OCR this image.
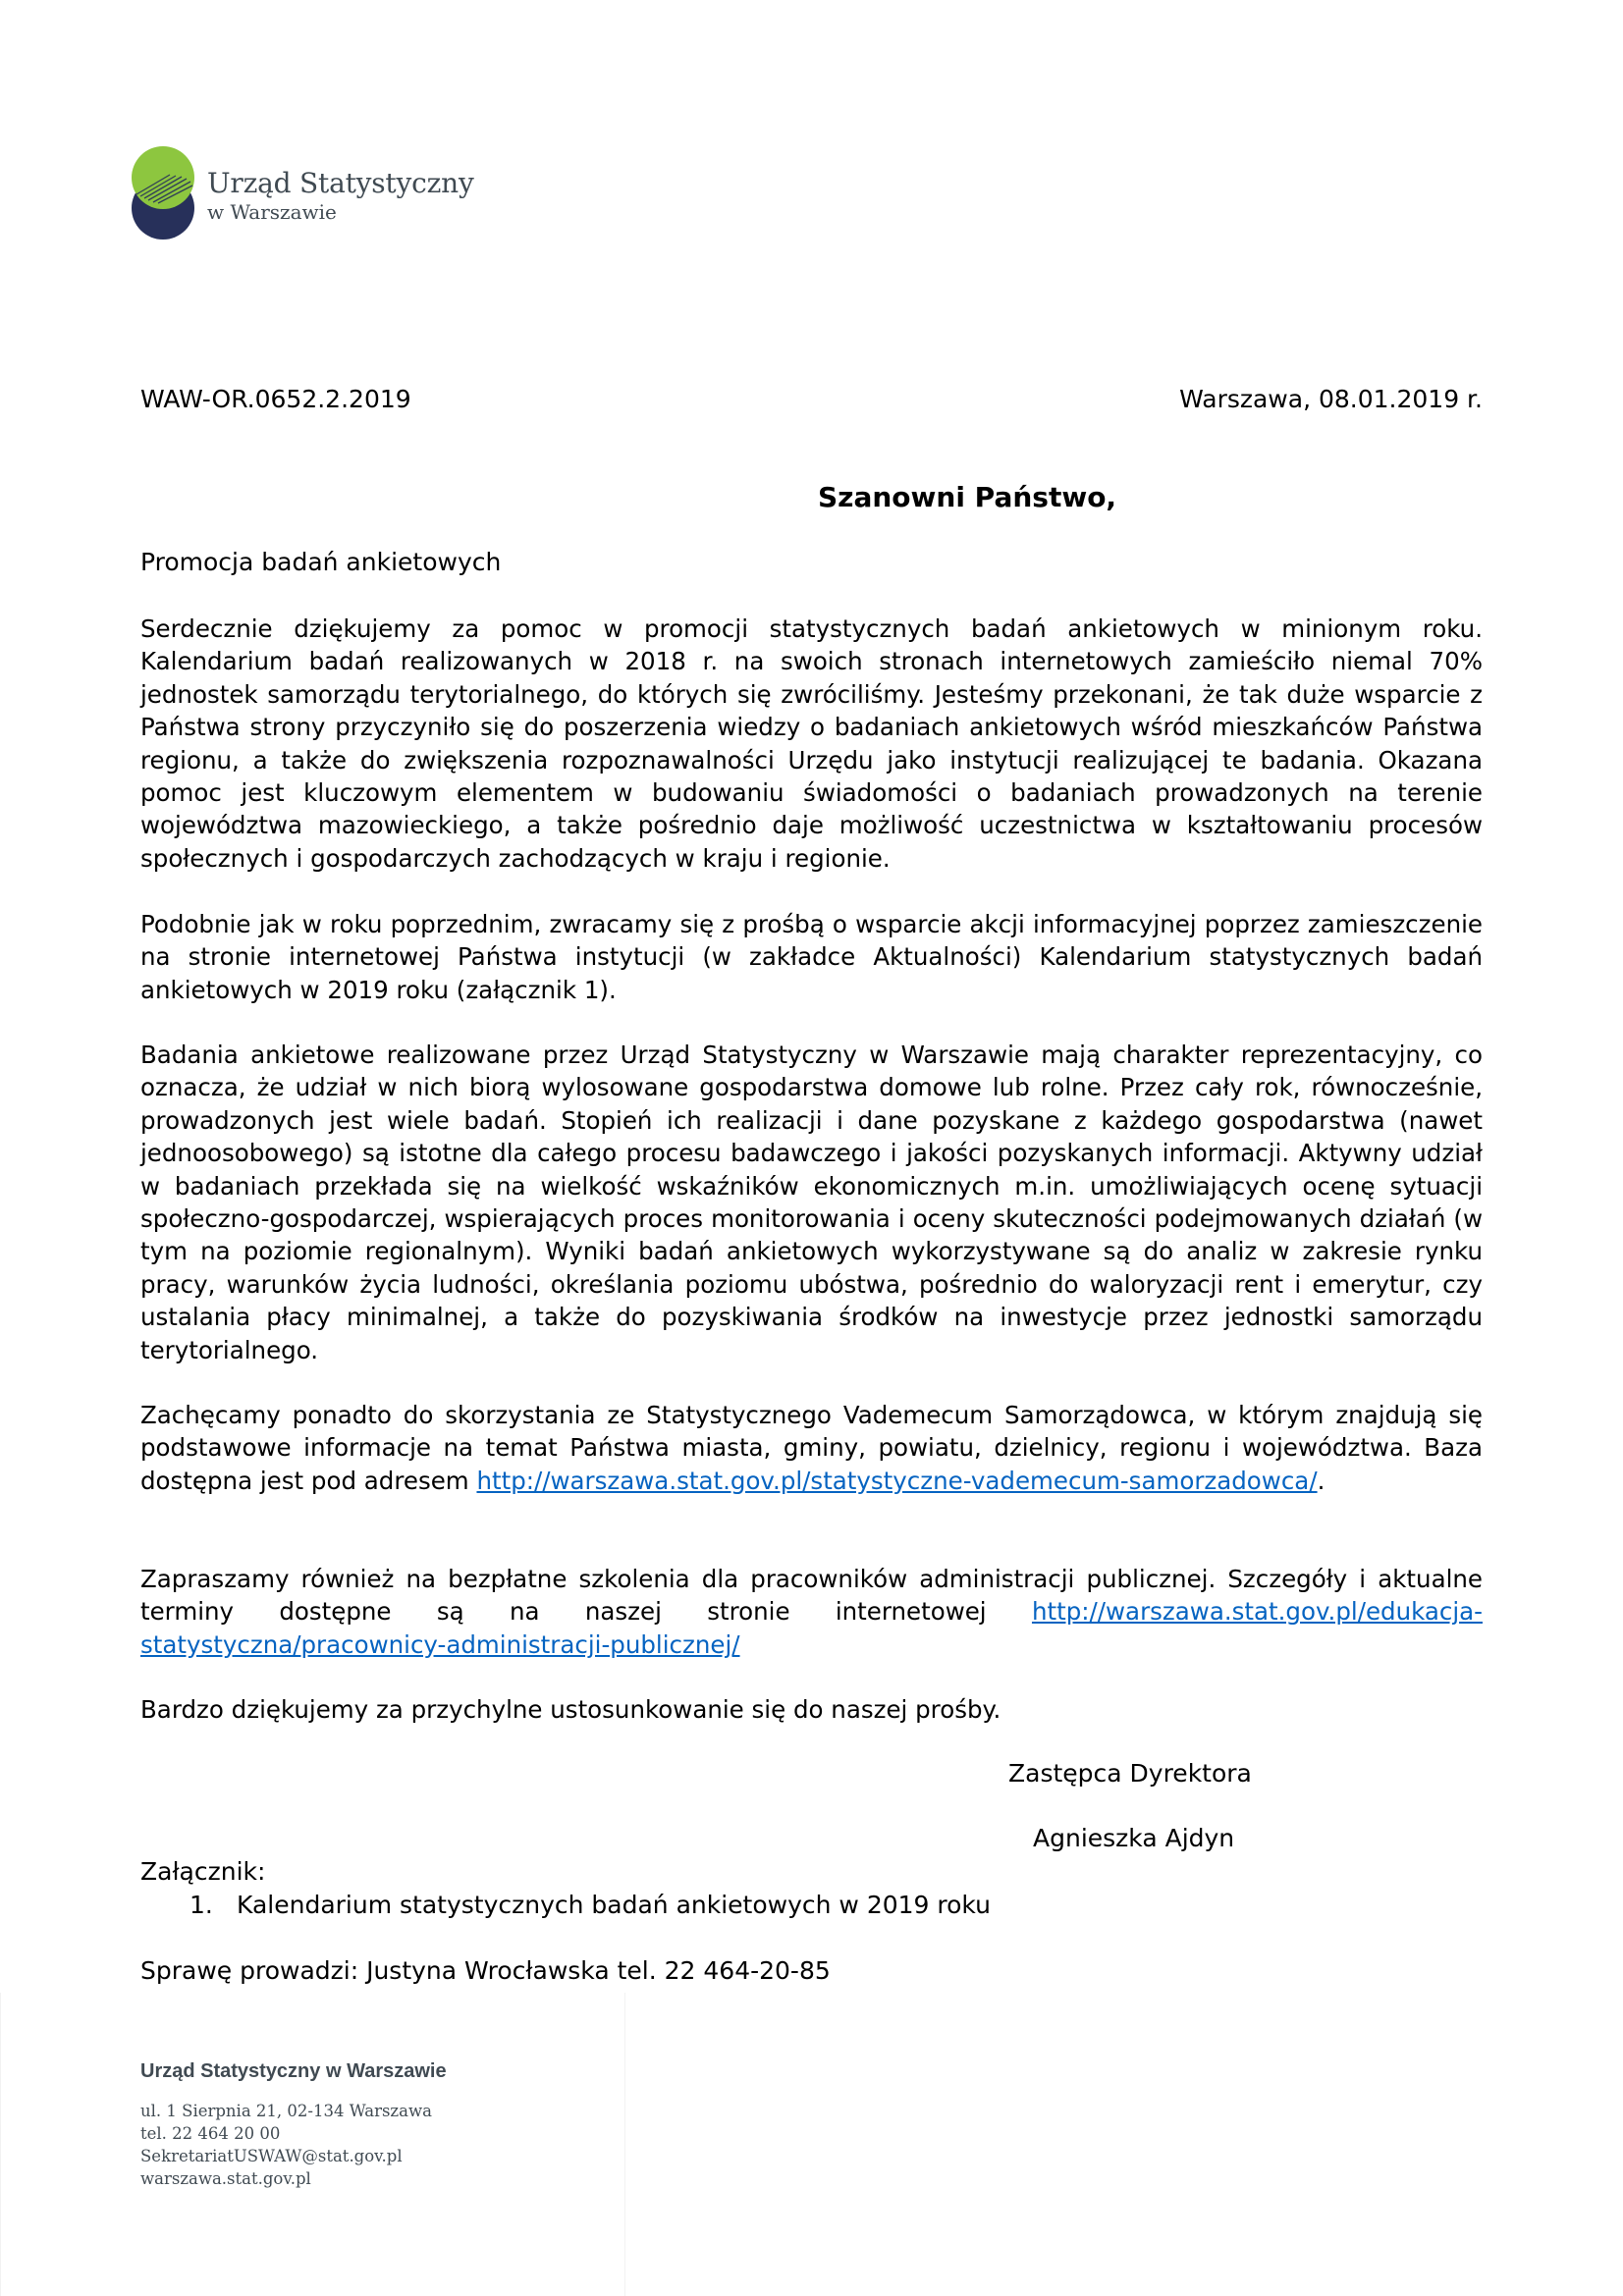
Urząd Statystyczny
w Warszawie
WAW-OR.0652.2.2019	Warszawa, 08.01.2019 r.
Szanowni Państwo,
Promocja badań ankietowych

Serdecznie dziękujemy za pomoc w promocji statystycznych badań ankietowych w minionym roku. Kalendarium badań realizowanych w 2018 r. na swoich stronach internetowych zamieściło niemal 70% jednostek samorządu terytorialnego, do których się zwróciliśmy. Jesteśmy przekonani, że tak duże wsparcie z Państwa strony przyczyniło się do poszerzenia wiedzy o badaniach ankietowych wśród mieszkańców Państwa regionu, a także do zwiększenia rozpoznawalności Urzędu jako instytucji realizującej te badania. Okazana pomoc jest kluczowym elementem w budowaniu świadomości o badaniach prowadzonych na terenie województwa mazowieckiego, a także pośrednio daje możliwość uczestnictwa w kształtowaniu procesów społecznych i gospodarczych zachodzących w kraju i regionie.

Podobnie jak w roku poprzednim, zwracamy się z prośbą o wsparcie akcji informacyjnej poprzez zamieszczenie na stronie internetowej Państwa instytucji (w zakładce Aktualności) Kalendarium statystycznych badań ankietowych w 2019 roku (załącznik 1).

Badania ankietowe realizowane przez Urząd Statystyczny w Warszawie mają charakter reprezentacyjny, co oznacza, że udział w nich biorą wylosowane gospodarstwa domowe lub rolne. Przez cały rok, równocześnie, prowadzonych jest wiele badań. Stopień ich realizacji i dane pozyskane z każdego gospodarstwa (nawet jednoosobowego) są istotne dla całego procesu badawczego i jakości pozyskanych informacji. Aktywny udział w badaniach przekłada się na wielkość wskaźników ekonomicznych m.in. umożliwiających ocenę sytuacji społeczno-gospodarczej, wspierających proces monitorowania i oceny skuteczności podejmowanych działań (w tym na poziomie regionalnym). Wyniki badań ankietowych wykorzystywane są do analiz w zakresie rynku pracy, warunków życia ludności, określania poziomu ubóstwa, pośrednio do waloryzacji rent i emerytur, czy ustalania płacy minimalnej, a także do pozyskiwania środków na inwestycje przez jednostki samorządu terytorialnego.

Zachęcamy ponadto do skorzystania ze Statystycznego Vademecum Samorządowca, w którym znajdują się podstawowe informacje na temat Państwa miasta, gminy, powiatu, dzielnicy, regionu i województwa. Baza dostępna jest pod adresem http://warszawa.stat.gov.pl/statystyczne-vademecum-samorzadowca/.

Zapraszamy również na bezpłatne szkolenia dla pracowników administracji publicznej. Szczegóły i aktualne terminy dostępne są na naszej stronie internetowej http://warszawa.stat.gov.pl/edukacja-statystyczna/pracownicy-administracji-publicznej/

Bardzo dziękujemy za przychylne ustosunkowanie się do naszej prośby.

Zastępca Dyrektora
Agnieszka Ajdyn
Załącznik:
1. Kalendarium statystycznych badań ankietowych w 2019 roku
Sprawę prowadzi: Justyna Wrocławska tel. 22 464-20-85
Urząd Statystyczny w Warszawie
ul. 1 Sierpnia 21, 02-134 Warszawa
tel. 22 464 20 00
SekretariatUSWAW@stat.gov.pl
warszawa.stat.gov.pl
